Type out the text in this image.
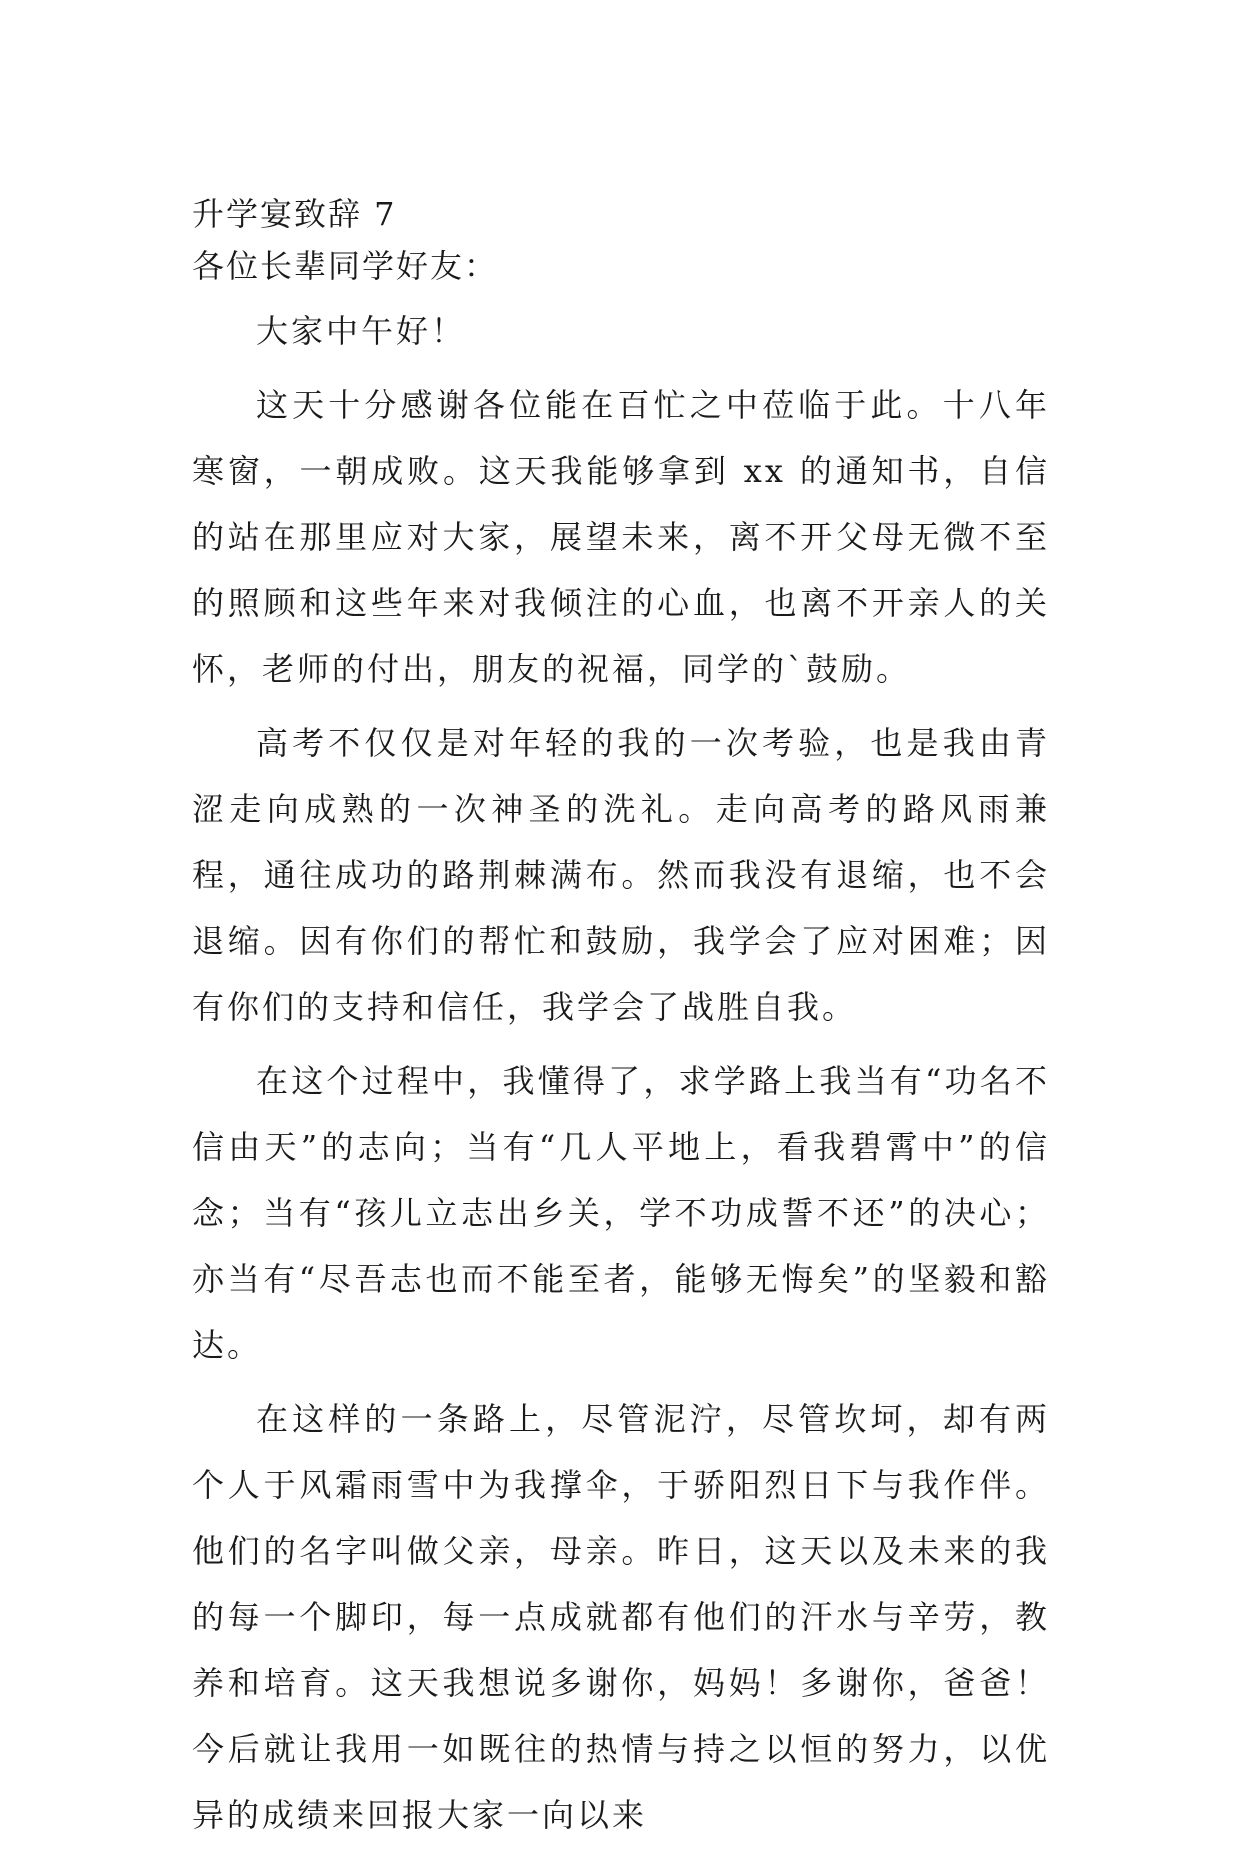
升学宴致辞 7

各位长辈同学好友：

大家中午好！

这天十分感谢各位能在百忙之中莅临于此。十八年寒窗，一朝成败。这天我能够拿到 xx 的通知书，自信的站在那里应对大家，展望未来，离不开父母无微不至的照顾和这些年来对我倾注的心血，也离不开亲人的关怀，老师的付出，朋友的祝福，同学的`鼓励。

高考不仅仅是对年轻的我的一次考验，也是我由青涩走向成熟的一次神圣的洗礼。走向高考的路风雨兼程，通往成功的路荆棘满布。然而我没有退缩，也不会退缩。因有你们的帮忙和鼓励，我学会了应对困难；因有你们的支持和信任，我学会了战胜自我。

在这个过程中，我懂得了，求学路上我当有“功名不信由天”的志向；当有“几人平地上，看我碧霄中”的信念；当有“孩儿立志出乡关，学不功成誓不还”的决心；亦当有“尽吾志也而不能至者，能够无悔矣”的坚毅和豁达。

在这样的一条路上，尽管泥泞，尽管坎坷，却有两个人于风霜雨雪中为我撑伞，于骄阳烈日下与我作伴。他们的名字叫做父亲，母亲。昨日，这天以及未来的我的每一个脚印，每一点成就都有他们的汗水与辛劳，教养和培育。这天我想说多谢你，妈妈！多谢你，爸爸！今后就让我用一如既往的热情与持之以恒的努力，以优异的成绩来回报大家一向以来
